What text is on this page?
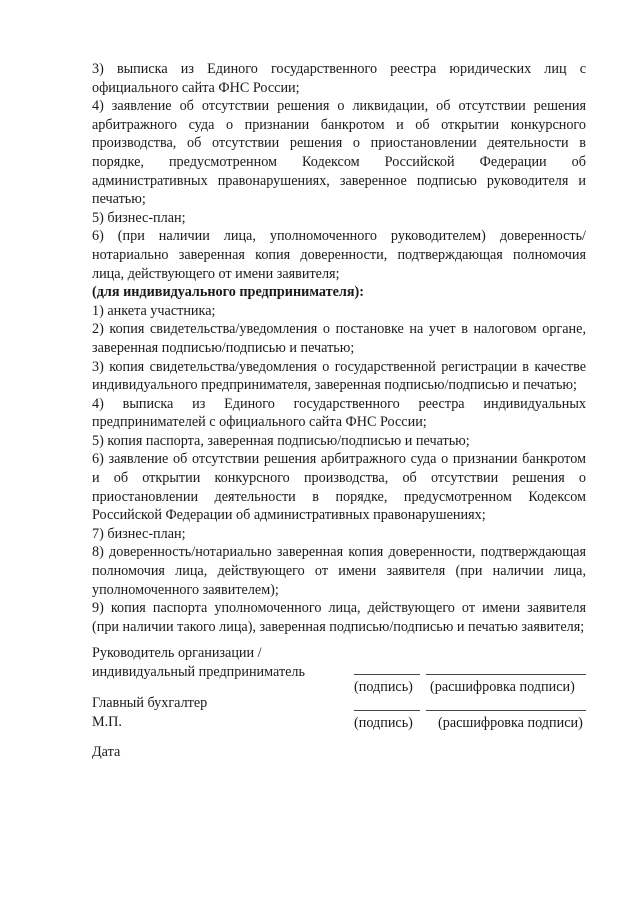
3) выписка из Единого государственного реестра юридических лиц с официального сайта ФНС России;
4) заявление об отсутствии решения о ликвидации, об отсутствии решения арбитражного суда о признании банкротом и об открытии конкурсного производства, об отсутствии решения о приостановлении деятельности в порядке, предусмотренном Кодексом Российской Федерации об административных правонарушениях, заверенное подписью руководителя и печатью;
5) бизнес-план;
6) (при наличии лица, уполномоченного руководителем) доверенность/нотариально заверенная копия доверенности, подтверждающая полномочия лица, действующего от имени заявителя;
(для индивидуального предпринимателя):
1) анкета участника;
2) копия свидетельства/уведомления о постановке на учет в налоговом органе, заверенная подписью/подписью и печатью;
3) копия свидетельства/уведомления о государственной регистрации в качестве индивидуального предпринимателя, заверенная подписью/подписью и печатью;
4) выписка из Единого государственного реестра индивидуальных предпринимателей с официального сайта ФНС России;
5) копия паспорта, заверенная подписью/подписью и печатью;
6) заявление об отсутствии решения арбитражного суда о признании банкротом и об открытии конкурсного производства, об отсутствии решения о приостановлении деятельности в порядке, предусмотренном Кодексом Российской Федерации об административных правонарушениях;
7) бизнес-план;
8) доверенность/нотариально заверенная копия доверенности, подтверждающая полномочия лица, действующего от имени заявителя (при наличии лица, уполномоченного заявителем);
9) копия паспорта уполномоченного лица, действующего от имени заявителя (при наличии такого лица), заверенная подписью/подписью и печатью заявителя;
Руководитель организации /
индивидуальный предприниматель
(подпись) (расшифровка подписи)
Главный бухгалтер
М.П.	(подпись) (расшифровка подписи)
Дата
